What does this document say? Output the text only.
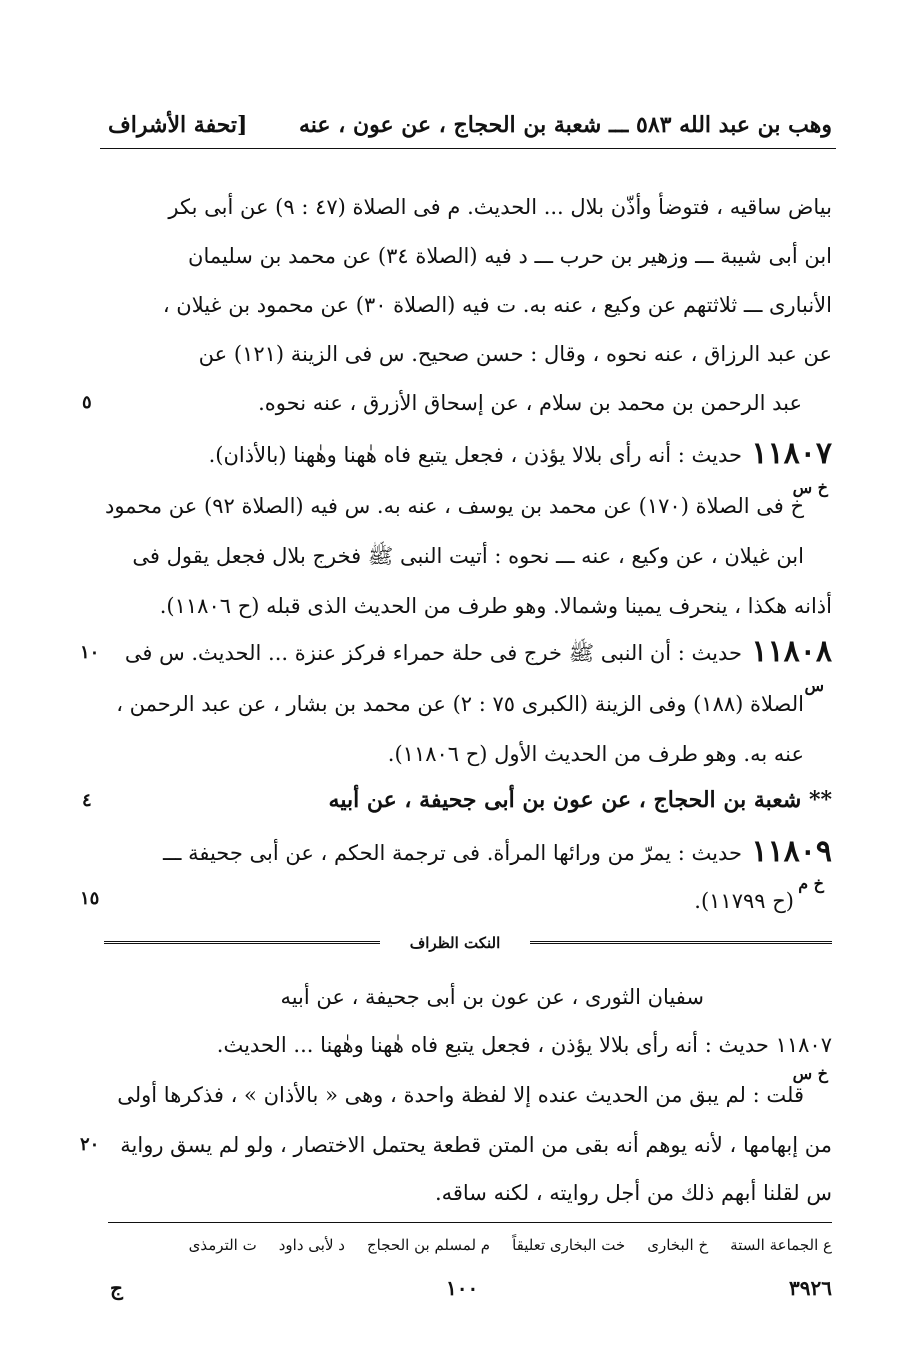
وهب بن عبد الله ٥٨٣ ـــ شعبة بن الحجاج ، عن عون ، عنه
[تحفة الأشراف
بياض ساقيه ، فتوضأ وأذّن بلال ... الحديث. م فى الصلاة (٤٧ : ٩) عن أبى بكر
ابن أبى شيبة ـــ وزهير بن حرب ـــ د فيه (الصلاة ٣٤) عن محمد بن سليمان
الأنبارى ـــ ثلاثتهم عن وكيع ، عنه به. ت فيه (الصلاة ٣٠) عن محمود بن غيلان ،
عن عبد الرزاق ، عنه نحوه ، وقال : حسن صحيح. س فى الزينة (١٢١) عن
عبد الرحمن بن محمد بن سلام ، عن إسحاق الأزرق ، عنه نحوه.
٥
١١٨٠٧
خ س
حديث : أنه رأى بلالا يؤذن ، فجعل يتبع فاه هٰهنا وهٰهنا (بالأذان).
خ فى الصلاة (١٧٠) عن محمد بن يوسف ، عنه به. س فيه (الصلاة ٩٢) عن محمود
ابن غيلان ، عن وكيع ، عنه ـــ نحوه : أتيت النبى ﷺ فخرج بلال فجعل يقول فى
أذانه هكذا ، ينحرف يمينا وشمالا. وهو طرف من الحديث الذى قبله (ح ١١٨٠٦).
١١٨٠٨
س
حديث : أن النبى ﷺ خرج فى حلة حمراء فركز عنزة ... الحديث. س فى
١٠
الصلاة (١٨٨) وفى الزينة (الكبرى ٧٥ : ٢) عن محمد بن بشار ، عن عبد الرحمن ،
عنه به. وهو طرف من الحديث الأول (ح ١١٨٠٦).
٤	** شعبة بن الحجاج ، عن عون بن أبى جحيفة ، عن أبيه
١١٨٠٩
خ م
حديث : يمرّ من ورائها المرأة. فى ترجمة الحكم ، عن أبى جحيفة ـــ
(ح ١١٧٩٩).
١٥
النكت الظراف
سفيان الثورى ، عن عون بن أبى جحيفة ، عن أبيه
١١٨٠٧ حديث : أنه رأى بلالا يؤذن ، فجعل يتبع فاه هٰهنا وهٰهنا ... الحديث.
خ س
قلت : لم يبق من الحديث عنده إلا لفظة واحدة ، وهى « بالأذان » ، فذكرها أولى
من إبهامها ، لأنه يوهم أنه بقى من المتن قطعة يحتمل الاختصار ، ولو لم يسق رواية
٢٠
س لقلنا أبهم ذلك من أجل روايته ، لكنه ساقه.
ع الجماعة الستة
خ البخارى
خت البخارى تعليقاً
م لمسلم بن الحجاج
د لأبى داود
ت الترمذى
٣٩٢٦
١٠٠
ج
